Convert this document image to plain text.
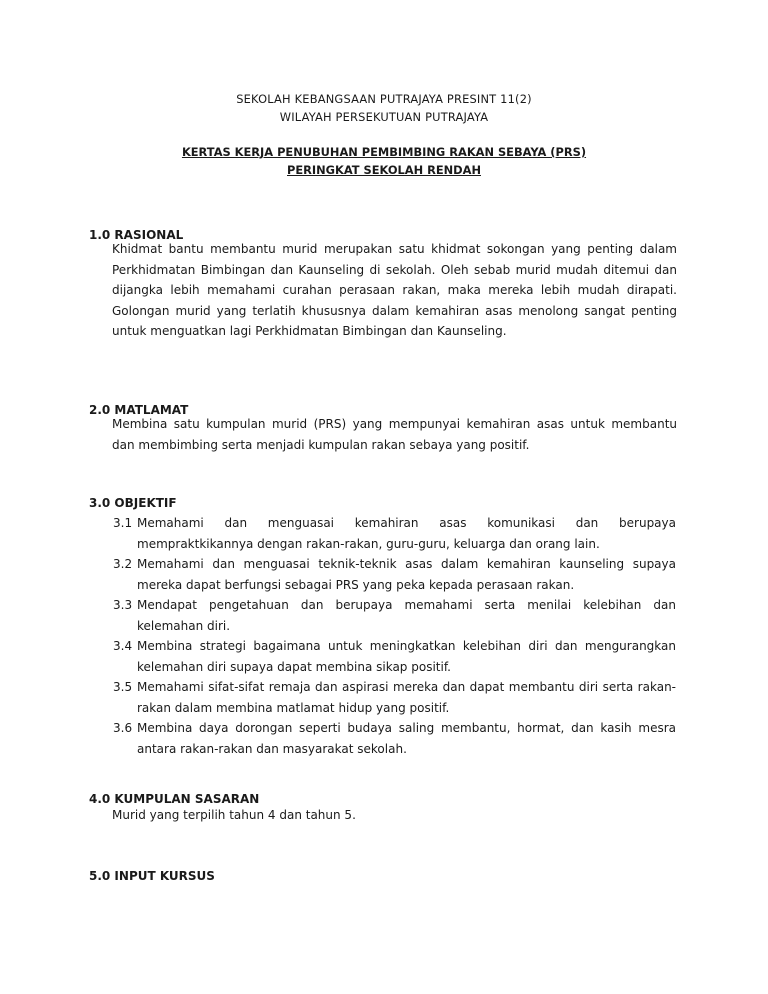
SEKOLAH KEBANGSAAN PUTRAJAYA PRESINT 11(2)
WILAYAH PERSEKUTUAN PUTRAJAYA
KERTAS KERJA PENUBUHAN PEMBIMBING RAKAN SEBAYA (PRS)
PERINGKAT SEKOLAH RENDAH
1.0 RASIONAL
Khidmat bantu membantu murid merupakan satu khidmat sokongan yang penting dalam Perkhidmatan Bimbingan dan Kaunseling di sekolah. Oleh sebab murid mudah ditemui dan dijangka lebih memahami curahan perasaan rakan, maka mereka lebih mudah dirapati. Golongan murid yang terlatih khususnya dalam kemahiran asas menolong sangat penting untuk menguatkan lagi Perkhidmatan Bimbingan dan Kaunseling.
2.0 MATLAMAT
Membina satu kumpulan murid (PRS) yang mempunyai kemahiran asas untuk membantu dan membimbing serta menjadi kumpulan rakan sebaya yang positif.
3.0 OBJEKTIF
3.1 Memahami dan menguasai kemahiran asas komunikasi dan berupaya mempraktkikannya dengan rakan-rakan, guru-guru, keluarga dan orang lain.
3.2 Memahami dan menguasai teknik-teknik asas dalam kemahiran kaunseling supaya mereka dapat berfungsi sebagai PRS yang peka kepada perasaan rakan.
3.3 Mendapat pengetahuan dan berupaya memahami serta menilai kelebihan dan kelemahan diri.
3.4 Membina strategi bagaimana untuk meningkatkan kelebihan diri dan mengurangkan kelemahan diri supaya dapat membina sikap positif.
3.5 Memahami sifat-sifat remaja dan aspirasi mereka dan dapat membantu diri serta rakan-rakan dalam membina matlamat hidup yang positif.
3.6 Membina daya dorongan seperti budaya saling membantu, hormat, dan kasih mesra antara rakan-rakan dan masyarakat sekolah.
4.0 KUMPULAN SASARAN
Murid yang terpilih tahun 4 dan tahun 5.
5.0 INPUT KURSUS
